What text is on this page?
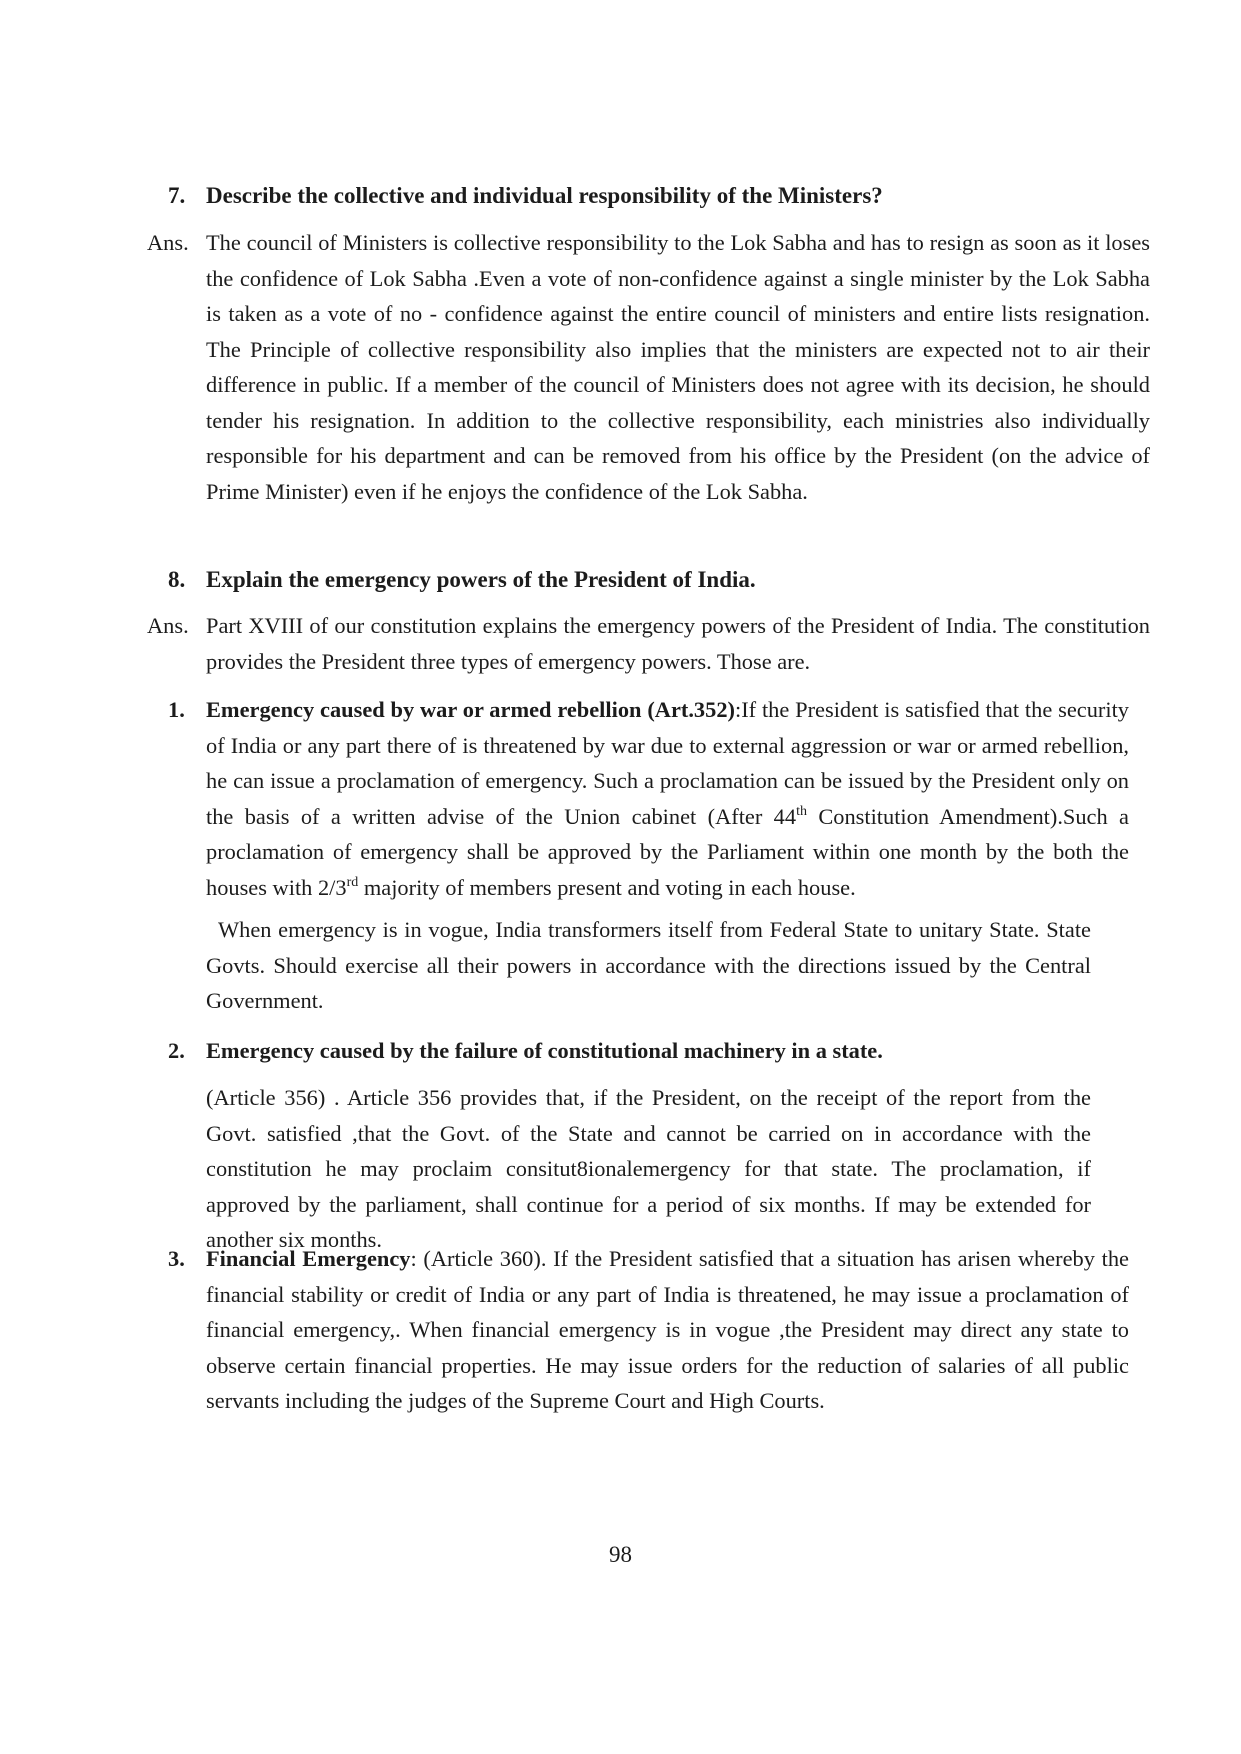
7. Describe the collective and individual responsibility of the Ministers?

Ans. The council of Ministers is collective responsibility to the Lok Sabha and has to resign as soon as it loses the confidence of Lok Sabha .Even a vote of non-confidence against a single minister by the Lok Sabha is taken as a vote of no - confidence against the entire council of ministers and entire lists resignation. The Principle of collective responsibility also implies that the ministers are expected not to air their difference in public. If a member of the council of Ministers does not agree with its decision, he should tender his resignation. In addition to the collective responsibility, each ministries also individually responsible for his department and can be removed from his office by the President (on the advice of Prime Minister) even if he enjoys the confidence of the Lok Sabha.

8. Explain the emergency powers of the President of India.

Ans. Part XVIII of our constitution explains the emergency powers of the President of India. The constitution provides the President three types of emergency powers. Those are.

1. Emergency caused by war or armed rebellion (Art.352):If the President is satisfied that the security of India or any part there of is threatened by war due to external aggression or war or armed rebellion, he can issue a proclamation of emergency. Such a proclamation can be issued by the President only on the basis of a written advise of the Union cabinet (After 44th Constitution Amendment).Such a proclamation of emergency shall be approved by the Parliament within one month by the both the houses with 2/3rd majority of members present and voting in each house.

When emergency is in vogue, India transformers itself from Federal State to unitary State. State Govts. Should exercise all their powers in accordance with the directions issued by the Central Government.

2. Emergency caused by the failure of constitutional machinery in a state.

(Article 356) . Article 356 provides that, if the President, on the receipt of the report from the Govt. satisfied ,that the Govt. of the State and cannot be carried on in accordance with the constitution he may proclaim consitut8ionalemergency for that state. The proclamation, if approved by the parliament, shall continue for a period of six months. If may be extended for another six months.

3. Financial Emergency: (Article 360). If the President satisfied that a situation has arisen whereby the financial stability or credit of India or any part of India is threatened, he may issue a proclamation of financial emergency,. When financial emergency is in vogue ,the President may direct any state to observe certain financial properties. He may issue orders for the reduction of salaries of all public servants including the judges of the Supreme Court and High Courts.

98
